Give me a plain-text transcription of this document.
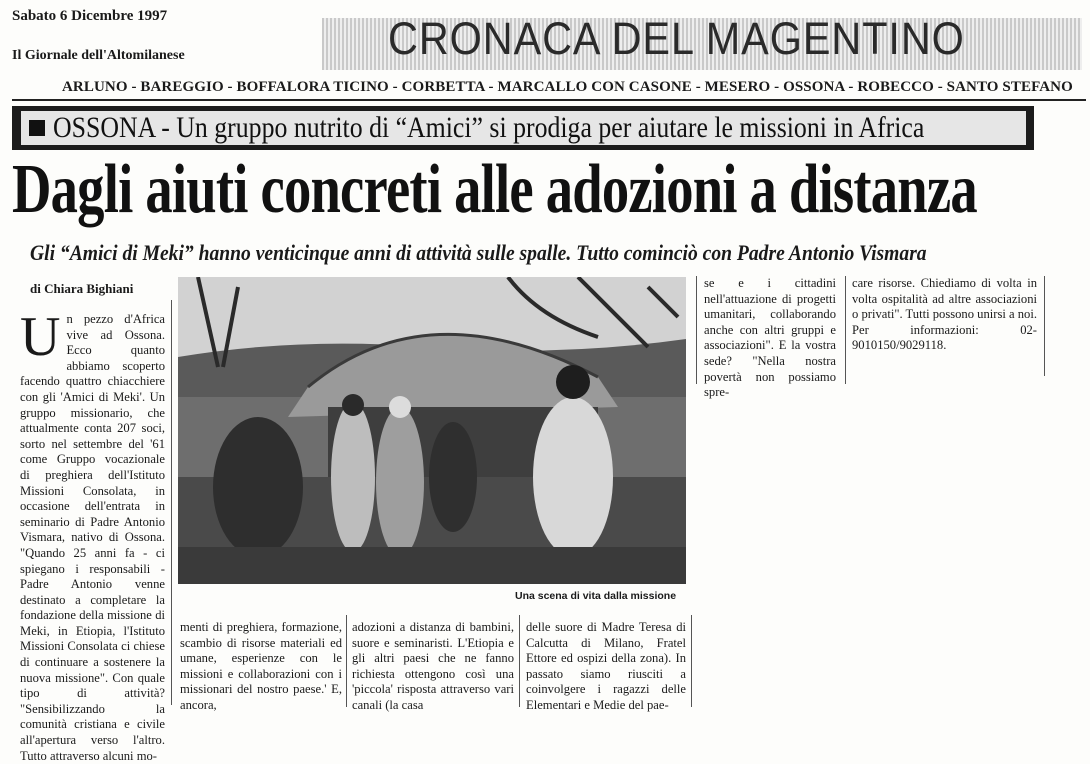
Sabato 6 Dicembre 1997
Il Giornale dell'Altomilanese	CRONACA DEL MAGENTINO
ARLUNO - BAREGGIO - BOFFALORA TICINO - CORBETTA - MARCALLO CON CASONE - MESERO - OSSONA - ROBECCO - SANTO STEFANO
OSSONA - Un gruppo nutrito di “Amici” si prodiga per aiutare le missioni in Africa
Dagli aiuti concreti alle adozioni a distanza
Gli “Amici di Meki” hanno venticinque anni di attività sulle spalle. Tutto cominciò con Padre Antonio Vismara
di Chiara Bighiani
Un pezzo d'Africa vive ad Ossona. Ecco quanto abbiamo scoperto facendo quattro chiacchiere con gli 'Amici di Meki'. Un gruppo missionario, che attualmente conta 207 soci, sorto nel settembre del '61 come Gruppo vocazionale di preghiera dell'Istituto Missioni Consolata, in occasione dell'entrata in seminario di Padre Antonio Vismara, nativo di Ossona. "Quando 25 anni fa - ci spiegano i responsabili - Padre Antonio venne destinato a completare la fondazione della missione di Meki, in Etiopia, l'Istituto Missioni Consolata ci chiese di continuare a sostenere la nuova missione". Con quale tipo di attività? "Sensibilizzando la comunità cristiana e civile all'apertura verso l'altro. Tutto attraverso alcuni mo-
Una scena di vita dalla missione
se e i cittadini nell'attuazione di progetti umanitari, collaborando anche con altri gruppi e associazioni". E la vostra sede? "Nella nostra povertà non possiamo spre-
care risorse. Chiediamo di volta in volta ospitalità ad altre associazioni o privati". Tutti possono unirsi a noi. Per informazioni: 02-9010150/9029118.
menti di preghiera, formazione, scambio di risorse materiali ed umane, esperienze con le missioni e collaborazioni con i missionari del nostro paese.' E, ancora,
adozioni a distanza di bambini, suore e seminaristi. L'Etiopia e gli altri paesi che ne fanno richiesta ottengono così una 'piccola' risposta attraverso vari canali (la casa
delle suore di Madre Teresa di Calcutta di Milano, Fratel Ettore ed ospizi della zona). In passato siamo riusciti a coinvolgere i ragazzi delle Elementari e Medie del pae-
